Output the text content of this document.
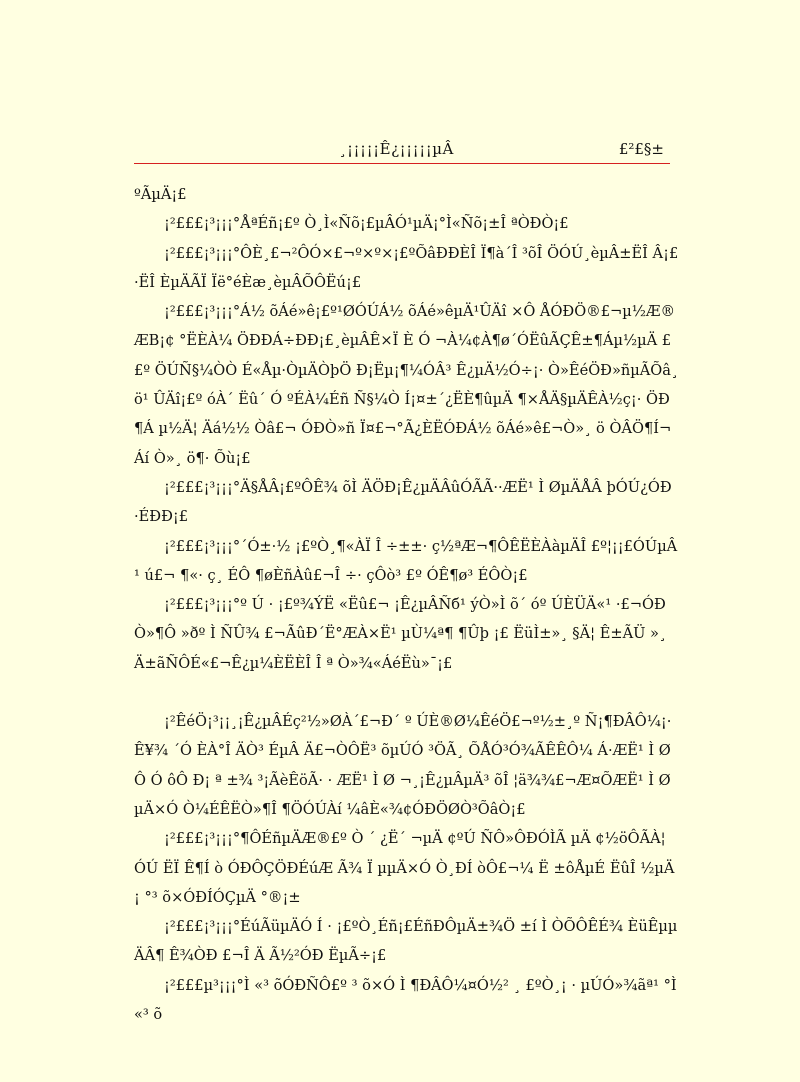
¸¡¡¡¡¡Ê¿¡¡¡¡¡µÂ	£²£§±

ºÃµÄ¡£

¡²£££¡³¡¡¡°ÅªÉñ¡£º Ò¸Ì«Ñõ¡£µÂÓ¹µÄ¡°Ì«Ñõ¡±Î ªÒÐÒ¡£

¡²£££¡³¡¡¡°ÔÈ¸£¬²ÔÓ×£¬º×º×¡£ºÕâÐÐÈÎ Ï¶à´Î ³õÎ ÖÓÚ¸èµÂ±ËÎ Â¡£ ·ËÎ ÈµÄÃÏ Ïë°éÈæ¸èµÂÕÔËú¡£

¡²£££¡³¡¡¡°Á½ õÁé»ê¡£º¹ØÓÚÁ½ õÁé»êµÄ¹ÛÄî ×Ô ÅÓÐÖ®£¬µ½Æ®ÆB¡¢ °ËÈÀ¼ ÖÐÐÁ÷ÐÐ¡£¸èµÂÊ×Ï È Ó ¬À¼¢À¶ø´ÓËûÃÇÊ±¶Áµ½µÄ ££º ÖÚÑ§¼ÒÒ É«Åµ·ÒµÄÒþÖ Ð¡Ëµ¡¶¼ÓÂ³ Ê¿µÄ½Ó÷¡· Ò»ÊéÖÐ»ñµÃÕâ¸ö¹ ÛÄî¡£º óÀ´ Ëû´ Ó ºÉÀ¼Éñ Ñ§¼Ò Í¡¤±´¿ËÈ¶ûµÄ ¶×ÅÄ§µÄÊÀ½ç¡· ÖÐ¶Á µ½Ä¦ Äá½½ Òâ£¬ ÓÐÒ»ñ Ï¤£¬°Ã¿ÈËÓÐÁ½ õÁé»ê£¬Ò»¸ ö ÒÂÖ¶Í¬Áí Ò»¸ ö¶· Õù¡£

¡²£££¡³¡¡¡°Ä§ÅÂ¡£ºÔÊ¾ õÌ ÄÖÐ¡Ê¿µÄÂûÓÃÃ··ÆË¹ Ì ØµÄÅÂ þÓÚ¿ÓÐ ·ÉÐÐ¡£

¡²£££¡³¡¡¡°´Ó±·½ ¡£ºÒ¸¶«ÀÏ Î ÷±±· ç½ªÆ¬¶ÔÊËÈÀàµÄÎ £º¦¡¡£ÓÚµÂ¹ ú£¬ ¶«· ç¸ ÉÔ ¶øÈñÀû£¬Î ÷· çÔò³ £º ÓÊ¶ø³ ÉÔÒ¡£

¡²£££¡³¡¡¡°º Ú · ¡£º¾ÝË «Ëû£¬ ¡Ê¿µÂÑб¹ ýÒ»Ì õ´ óº ÚÈÜÄ«¹ ·£¬ÓÐÒ»¶Ô »ðº Ì ÑÛ¾ £¬ÃûÐ´Ë°ÆÀ×Ë¹ µÙ¼ª¶ ¶Ûþ ¡£ ËüÌ±»¸ §Ä¦ Ê±ÃÜ »¸ Ä±ãÑÔÉ«£¬Ê¿µ¼ÈËÈÎ Î ª Ò»¾«ÁéËù»¯¡£

¡²ÊéÖ¡³¡¡¸¡Ê¿µÂÉç²½»ØÀ´£¬Ð´ º ÚÈ®Ø¼ÊéÖ£¬º½±¸º Ñ¡¶ÐÂÔ¼¡·Ê¥¾ ´Ó ÈÀ°Î ÄÒ³ ÉµÂ Ä£¬ÒÔË³ õµÚÓ ³ÖÃ¸ ÕÅÓ³Ó¾ÃÊÊÔ¼ Á·ÆË¹ Ì ØÔ Ó ôÔ Ð¡ ª ±¾ ³¡ÃèÊöÃ· · ÆË¹ Ì Ø ¬¸¡Ê¿µÂµÄ³ õÎ ¦ä¾¾£¬Æ¤ÕÆË¹ Ì ØµÄ×Ó Ò¼ÉÊËÒ»¶Î ¶ÖÓÚÀí ¼âÈ«¾¢ÓÐÖØÒ³ÕâÒ¡£

¡²£££¡³¡¡¡°¶ÔÉñµÄÆ®£º Ò ´ ¿Ë´ ¬µÄ ¢ºÚ ÑÔ»ÔÐÓÌÃ µÄ ¢½öÔÃÀ¦ ÓÚ ËÏ Ê¶Í ò ÓÐÔÇÖÐÉúÆ Ã¾ Ï µµÄ×Ó Ò¸ÐÍ òÔ£¬¼ Ë ±ôÅµÉ ËûÎ ½µÄ¡ °³ õ×ÓÐÍÓÇµÄ °®¡±

¡²£££¡³¡¡¡°ÉúÃüµÄÓ Í · ¡£ºÒ¸Éñ¡£ÉñÐÔµÄ±¾Ö ±í Ì ÒÕÔÊÉ¾ ÈüÊµµÄÂ¶ Ê¾ÒÐ £¬Î Ä Ã½²ÓÐ ËµÃ÷¡£

¡²£££µ³¡¡¡°Ì «³ õÓÐÑÔ£º ³ õ×Ó Ì ¶ÐÂÔ¼¤Ó½² ¸ £ºÒ¸¡ · µÚÓ»¾ãª¹ °Ì «³ õ
